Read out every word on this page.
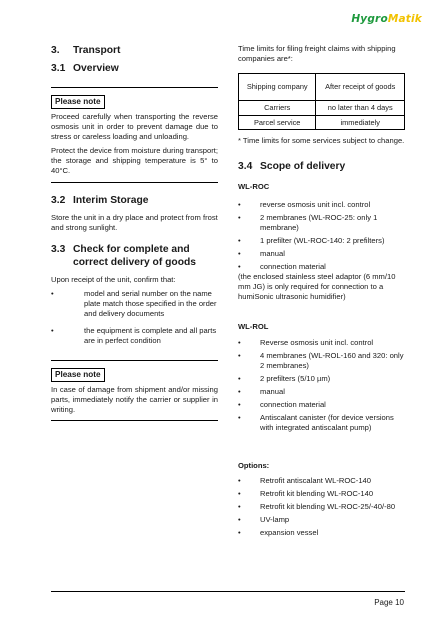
HygroMatik
3. Transport
3.1 Overview
Please note

Proceed carefully when transporting the reverse osmosis unit in order to prevent damage due to stress or careless loading and unloading.

Protect the device from moisture during transport; the storage and shipping temperature is 5° to 40°C.

3.2 Interim Storage

Store the unit in a dry place and protect from frost and strong sunlight.

3.3 Check for complete and correct delivery of goods

Upon receipt of the unit, confirm that:

•	model and serial number on the name plate match those specified in the order and delivery documents
•	the equipment is complete and all parts are in perfect condition
Please note

In case of damage from shipment and/or missing parts, immediately notify the carrier or supplier in writing.

Time limits for filing freight claims with shipping companies are*:

Shipping company	After receipt of goods
Carriers	no later than 4 days
Parcel service	immediately

* Time limits for some services subject to change.

3.4 Scope of delivery

WL-ROC

•	reverse osmosis unit incl. control
•	2 membranes (WL-ROC-25: only 1 membrane)
•	1 prefilter (WL-ROC-140: 2 prefilters)
•	manual
•	connection material

(the enclosed stainless steel adaptor (6 mm/10 mm JG) is only required for connection to a humiSonic ultrasonic humidifier)

WL-ROL

•	Reverse osmosis unit incl. control
•	4 membranes (WL-ROL-160 and 320: only 2 membranes)
•	2 prefilters (5/10 µm)
•	manual
•	connection material
•	Antiscalant canister (for device versions with integrated antiscalant pump)

Options:

•	Retrofit antiscalant WL-ROC-140
•	Retrofit kit blending WL-ROC-140
•	Retrofit kit blending WL-ROC-25/-40/-80
•	UV-lamp
•	expansion vessel
Page 10
